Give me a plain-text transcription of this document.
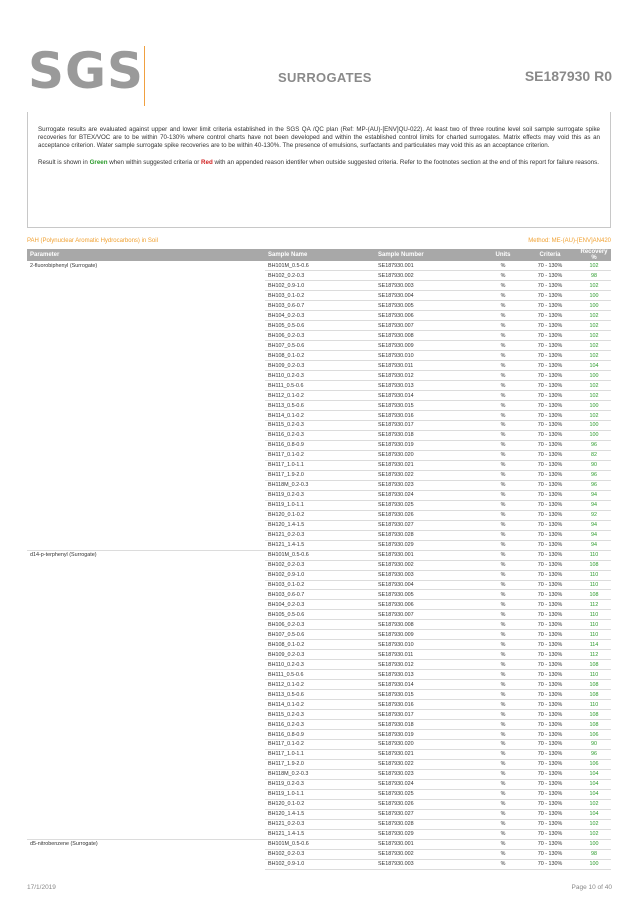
SGS	SURROGATES	SE187930 R0

Surrogate results are evaluated against upper and lower limit criteria established in the SGS QA /QC plan (Ref: MP-(AU)-[ENV]QU-022). At least two of three routine level soil sample surrogate spike recoveries for BTEX/VOC are to be within 70-130% where control charts have not been developed and within the established control limits for charted surrogates. Matrix effects may void this as an acceptance criterion. Water sample surrogate spike recoveries are to be within 40-130%. The presence of emulsions, surfactants and particulates may void this as an acceptance criterion.

Result is shown in Green when within suggested criteria or Red with an appended reason identifer when outside suggested criteria. Refer to the footnotes section at the end of this report for failure reasons.

PAH (Polynuclear Aromatic Hydrocarbons) in Soil	Method: ME-(AU)-[ENV]AN420
Parameter	Sample Name	Sample Number	Units	Criteria	Recovery %
2-fluorobiphenyl (Surrogate)	BH101M_0.5-0.6	SE187930.001	%	70 - 130%	102
	BH102_0.2-0.3	SE187930.002	%	70 - 130%	98
	BH102_0.9-1.0	SE187930.003	%	70 - 130%	102
	BH103_0.1-0.2	SE187930.004	%	70 - 130%	100
	BH103_0.6-0.7	SE187930.005	%	70 - 130%	100
	BH104_0.2-0.3	SE187930.006	%	70 - 130%	102
	BH105_0.5-0.6	SE187930.007	%	70 - 130%	102
	BH106_0.2-0.3	SE187930.008	%	70 - 130%	102
	BH107_0.5-0.6	SE187930.009	%	70 - 130%	102
	BH108_0.1-0.2	SE187930.010	%	70 - 130%	102
	BH109_0.2-0.3	SE187930.011	%	70 - 130%	104
	BH110_0.2-0.3	SE187930.012	%	70 - 130%	100
	BH111_0.5-0.6	SE187930.013	%	70 - 130%	102
	BH112_0.1-0.2	SE187930.014	%	70 - 130%	102
	BH113_0.5-0.6	SE187930.015	%	70 - 130%	100
	BH114_0.1-0.2	SE187930.016	%	70 - 130%	102
	BH115_0.2-0.3	SE187930.017	%	70 - 130%	100
	BH116_0.2-0.3	SE187930.018	%	70 - 130%	100
	BH116_0.8-0.9	SE187930.019	%	70 - 130%	96
	BH117_0.1-0.2	SE187930.020	%	70 - 130%	82
	BH117_1.0-1.1	SE187930.021	%	70 - 130%	90
	BH117_1.9-2.0	SE187930.022	%	70 - 130%	96
	BH118M_0.2-0.3	SE187930.023	%	70 - 130%	96
	BH119_0.2-0.3	SE187930.024	%	70 - 130%	94
	BH119_1.0-1.1	SE187930.025	%	70 - 130%	94
	BH120_0.1-0.2	SE187930.026	%	70 - 130%	92
	BH120_1.4-1.5	SE187930.027	%	70 - 130%	94
	BH121_0.2-0.3	SE187930.028	%	70 - 130%	94
	BH121_1.4-1.5	SE187930.029	%	70 - 130%	94
d14-p-terphenyl (Surrogate)	BH101M_0.5-0.6	SE187930.001	%	70 - 130%	110
	BH102_0.2-0.3	SE187930.002	%	70 - 130%	108
	BH102_0.9-1.0	SE187930.003	%	70 - 130%	110
	BH103_0.1-0.2	SE187930.004	%	70 - 130%	110
	BH103_0.6-0.7	SE187930.005	%	70 - 130%	108
	BH104_0.2-0.3	SE187930.006	%	70 - 130%	112
	BH105_0.5-0.6	SE187930.007	%	70 - 130%	110
	BH106_0.2-0.3	SE187930.008	%	70 - 130%	110
	BH107_0.5-0.6	SE187930.009	%	70 - 130%	110
	BH108_0.1-0.2	SE187930.010	%	70 - 130%	114
	BH109_0.2-0.3	SE187930.011	%	70 - 130%	112
	BH110_0.2-0.3	SE187930.012	%	70 - 130%	108
	BH111_0.5-0.6	SE187930.013	%	70 - 130%	110
	BH112_0.1-0.2	SE187930.014	%	70 - 130%	108
	BH113_0.5-0.6	SE187930.015	%	70 - 130%	108
	BH114_0.1-0.2	SE187930.016	%	70 - 130%	110
	BH115_0.2-0.3	SE187930.017	%	70 - 130%	108
	BH116_0.2-0.3	SE187930.018	%	70 - 130%	108
	BH116_0.8-0.9	SE187930.019	%	70 - 130%	106
	BH117_0.1-0.2	SE187930.020	%	70 - 130%	90
	BH117_1.0-1.1	SE187930.021	%	70 - 130%	96
	BH117_1.9-2.0	SE187930.022	%	70 - 130%	106
	BH118M_0.2-0.3	SE187930.023	%	70 - 130%	104
	BH119_0.2-0.3	SE187930.024	%	70 - 130%	104
	BH119_1.0-1.1	SE187930.025	%	70 - 130%	104
	BH120_0.1-0.2	SE187930.026	%	70 - 130%	102
	BH120_1.4-1.5	SE187930.027	%	70 - 130%	104
	BH121_0.2-0.3	SE187930.028	%	70 - 130%	102
	BH121_1.4-1.5	SE187930.029	%	70 - 130%	102
d5-nitrobenzene (Surrogate)	BH101M_0.5-0.6	SE187930.001	%	70 - 130%	100
	BH102_0.2-0.3	SE187930.002	%	70 - 130%	98
	BH102_0.9-1.0	SE187930.003	%	70 - 130%	100
17/1/2019	Page 10 of 40
